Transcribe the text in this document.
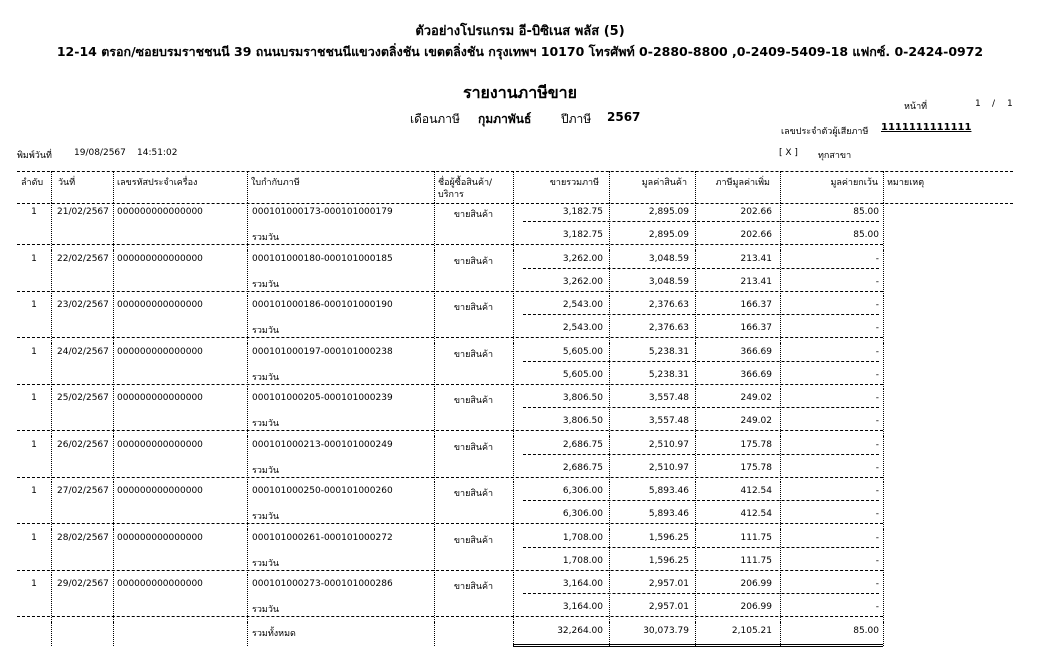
ตัวอย่างโปรแกรม อี-บิซิเนส พลัส (5)
12-14 ตรอก/ซอยบรมราชชนนี 39 ถนนบรมราชชนนีแขวงตลิ่งชัน เขตตลิ่งชัน กรุงเทพฯ 10170 โทรศัพท์ 0-2880-8800 ,0-2409-5409-18 แฟกซ์. 0-2424-0972
รายงานภาษีขาย
เดือนภาษี กุมภาพันธ์ ปีภาษี 2567
หน้าที่	1 / 1
เลขประจำตัวผู้เสียภาษี 1111111111111
พิมพ์วันที่ 19/08/2567 14:51:02	[ X ] ทุกสาขา
ลำดับ วันที่	เลขรหัสประจำเครื่อง	ใบกำกับภาษี	ชื่อผู้ซื้อสินค้า/
บริการ
ขายรวมภาษี	มูลค่าสินค้า	ภาษีมูลค่าเพิ่ม	มูลค่ายกเว้น หมายเหตุ
1	21/02/2567 000000000000000	000101000173-000101000179	ขายสินค้า	3,182.75	2,895.09	202.66	85.00
รวมวัน	3,182.75	2,895.09	202.66	85.00
1	22/02/2567 000000000000000	000101000180-000101000185	ขายสินค้า	3,262.00	3,048.59	213.41	-
รวมวัน	3,262.00	3,048.59	213.41	-
1	23/02/2567 000000000000000	000101000186-000101000190	ขายสินค้า	2,543.00	2,376.63	166.37	-
รวมวัน	2,543.00	2,376.63	166.37	-
1	24/02/2567 000000000000000	000101000197-000101000238	ขายสินค้า	5,605.00	5,238.31	366.69	-
รวมวัน	5,605.00	5,238.31	366.69	-
1	25/02/2567 000000000000000	000101000205-000101000239	ขายสินค้า	3,806.50	3,557.48	249.02	-
รวมวัน	3,806.50	3,557.48	249.02	-
1	26/02/2567 000000000000000	000101000213-000101000249	ขายสินค้า	2,686.75	2,510.97	175.78	-
รวมวัน	2,686.75	2,510.97	175.78	-
1	27/02/2567 000000000000000	000101000250-000101000260	ขายสินค้า	6,306.00	5,893.46	412.54	-
รวมวัน	6,306.00	5,893.46	412.54	-
1	28/02/2567 000000000000000	000101000261-000101000272	ขายสินค้า	1,708.00	1,596.25	111.75	-
รวมวัน	1,708.00	1,596.25	111.75	-
1	29/02/2567 000000000000000	000101000273-000101000286	ขายสินค้า	3,164.00	2,957.01	206.99	-
รวมวัน	3,164.00	2,957.01	206.99	-
รวมทั้งหมด	32,264.00	30,073.79	2,105.21	85.00
